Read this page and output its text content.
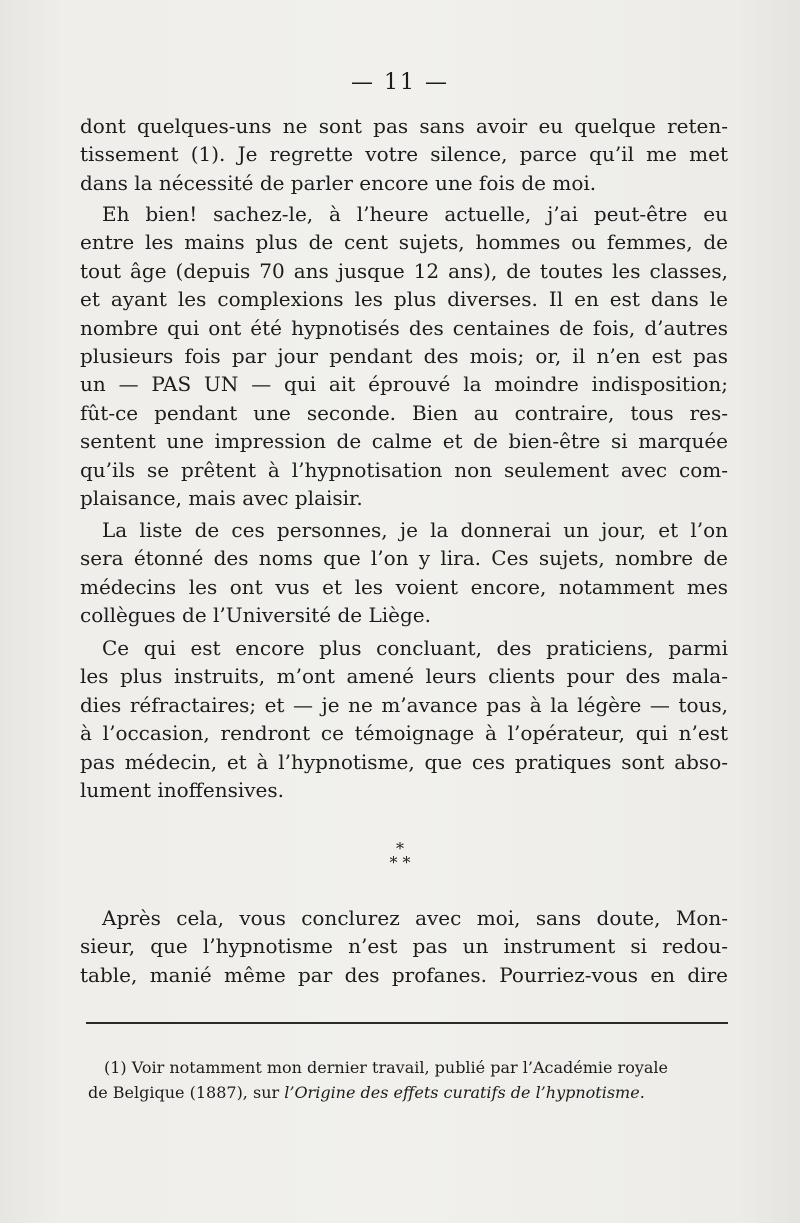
— 11 —
dont quelques-uns ne sont pas sans avoir eu quelque reten-
tissement (1). Je regrette votre silence, parce qu’il me met
dans la nécessité de parler encore une fois de moi.
Eh bien! sachez-le, à l’heure actuelle, j’ai peut-être eu
entre les mains plus de cent sujets, hommes ou femmes, de
tout âge (depuis 70 ans jusque 12 ans), de toutes les classes,
et ayant les complexions les plus diverses. Il en est dans le
nombre qui ont été hypnotisés des centaines de fois, d’autres
plusieurs fois par jour pendant des mois; or, il n’en est pas
un — PAS UN — qui ait éprouvé la moindre indisposition;
fût-ce pendant une seconde. Bien au contraire, tous res-
sentent une impression de calme et de bien-être si marquée
qu’ils se prêtent à l’hypnotisation non seulement avec com-
plaisance, mais avec plaisir.
La liste de ces personnes, je la donnerai un jour, et l’on
sera étonné des noms que l’on y lira. Ces sujets, nombre de
médecins les ont vus et les voient encore, notamment mes
collègues de l’Université de Liège.
Ce qui est encore plus concluant, des praticiens, parmi
les plus instruits, m’ont amené leurs clients pour des mala-
dies réfractaires; et — je ne m’avance pas à la légère — tous,
à l’occasion, rendront ce témoignage à l’opérateur, qui n’est
pas médecin, et à l’hypnotisme, que ces pratiques sont abso-
lument inoffensives.
*
* *
Après cela, vous conclurez avec moi, sans doute, Mon-
sieur, que l’hypnotisme n’est pas un instrument si redou-
table, manié même par des profanes. Pourriez-vous en dire
(1) Voir notamment mon dernier travail, publié par l’Académie royale
de Belgique (1887), sur l’Origine des effets curatifs de l’hypnotisme.
